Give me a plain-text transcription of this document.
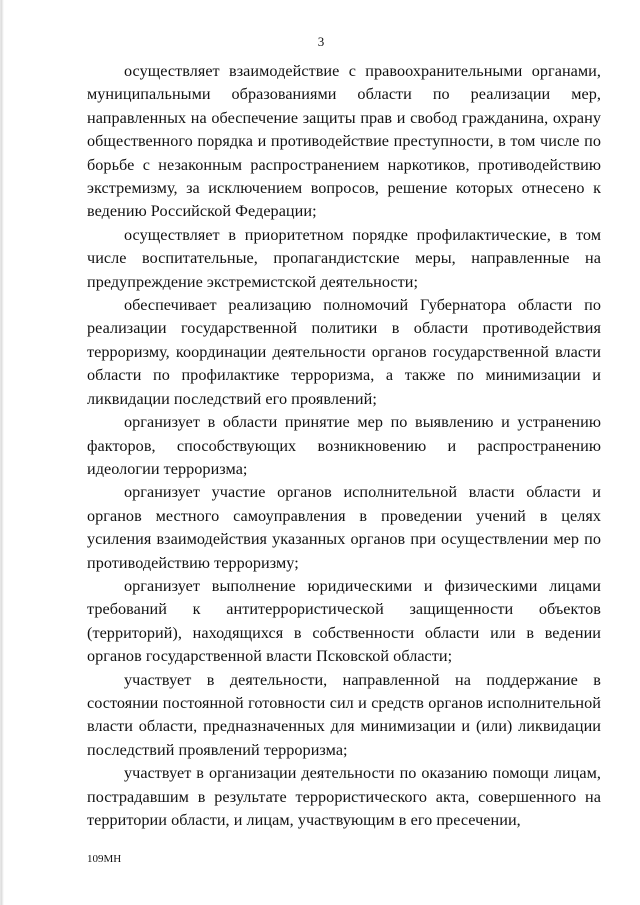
3

осуществляет взаимодействие с правоохранительными органами, муниципальными образованиями области по реализации мер, направленных на обеспечение защиты прав и свобод гражданина, охрану общественного порядка и противодействие преступности, в том числе по борьбе с незаконным распространением наркотиков, противодействию экстремизму, за исключением вопросов, решение которых отнесено к ведению Российской Федерации;

осуществляет в приоритетном порядке профилактические, в том числе воспитательные, пропагандистские меры, направленные на предупреждение экстремистской деятельности;

обеспечивает реализацию полномочий Губернатора области по реализации государственной политики в области противодействия терроризму, координации деятельности органов государственной власти области по профилактике терроризма, а также по минимизации и ликвидации последствий его проявлений;

организует в области принятие мер по выявлению и устранению факторов, способствующих возникновению и распространению идеологии терроризма;

организует участие органов исполнительной власти области и органов местного самоуправления в проведении учений в целях усиления взаимодействия указанных органов при осуществлении мер по противодействию терроризму;

организует выполнение юридическими и физическими лицами требований к антитеррористической защищенности объектов (территорий), находящихся в собственности области или в ведении органов государственной власти Псковской области;

участвует в деятельности, направленной на поддержание в состоянии постоянной готовности сил и средств органов исполнительной власти области, предназначенных для минимизации и (или) ликвидации последствий проявлений терроризма;

участвует в организации деятельности по оказанию помощи лицам, пострадавшим в результате террористического акта, совершенного на территории области, и лицам, участвующим в его пресечении,

109МН
